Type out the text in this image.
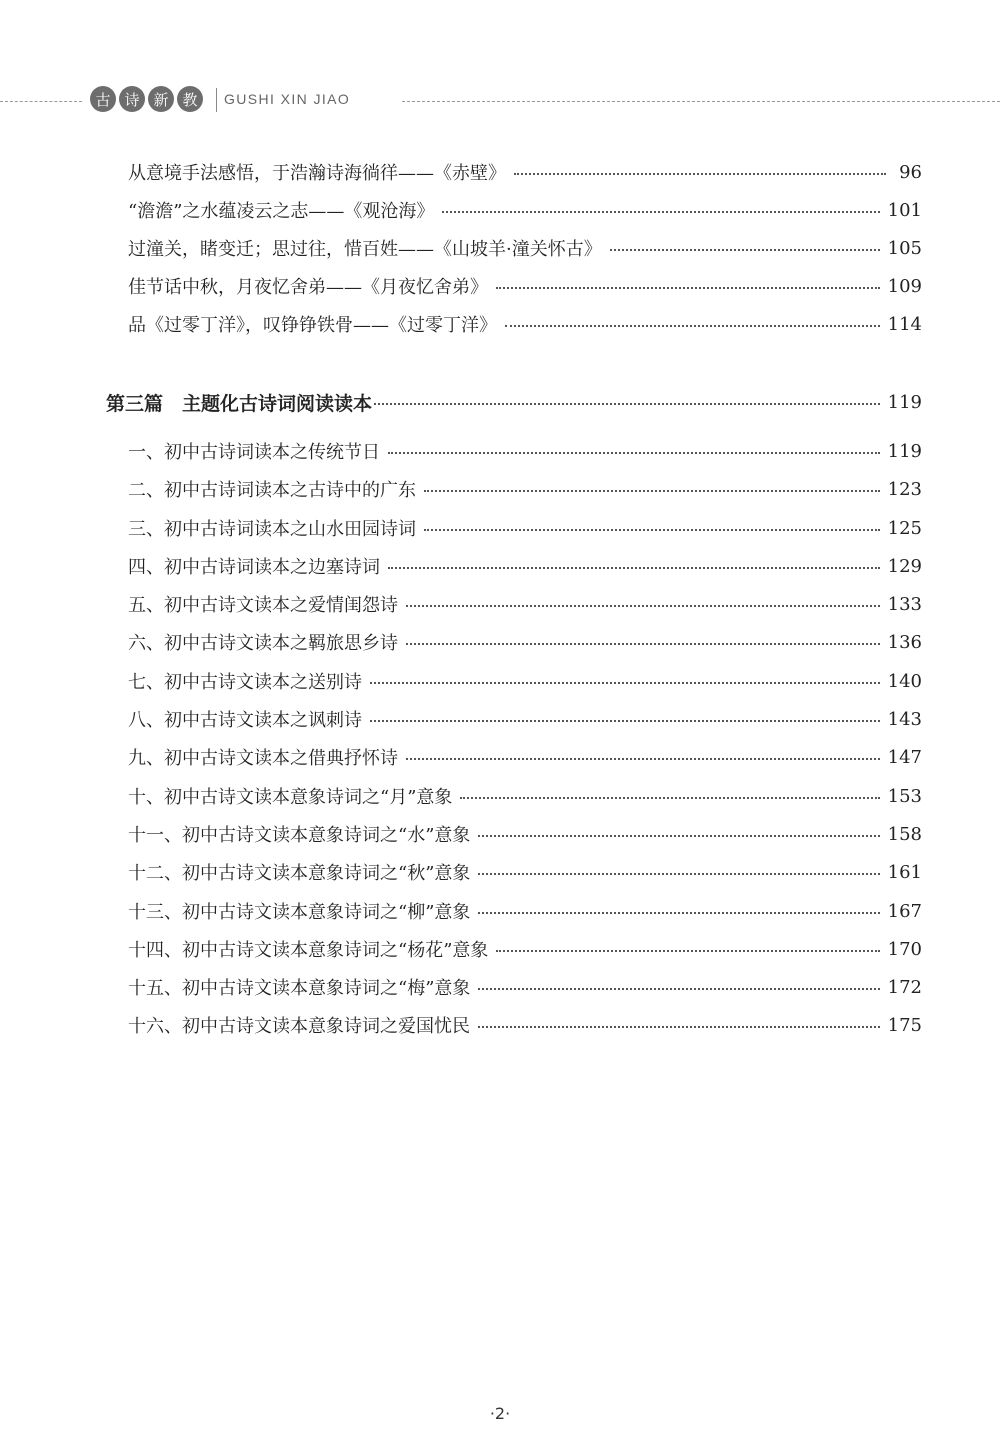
古 诗 新 教	GUSHI XIN JIAO
从意境手法感悟，于浩瀚诗海徜徉——《赤壁》	96
“澹澹”之水蕴凌云之志——《观沧海》	101
过潼关，睹变迁；思过往，惜百姓——《山坡羊·潼关怀古》	105
佳节话中秋，月夜忆舍弟——《月夜忆舍弟》	109
品《过零丁洋》，叹铮铮铁骨——《过零丁洋》	114
第三篇　主题化古诗词阅读读本	119
一、初中古诗词读本之传统节日	119
二、初中古诗词读本之古诗中的广东	123
三、初中古诗词读本之山水田园诗词	125
四、初中古诗词读本之边塞诗词	129
五、初中古诗文读本之爱情闺怨诗	133
六、初中古诗文读本之羁旅思乡诗	136
七、初中古诗文读本之送别诗	140
八、初中古诗文读本之讽刺诗	143
九、初中古诗文读本之借典抒怀诗	147
十、初中古诗文读本意象诗词之“月”意象	153
十一、初中古诗文读本意象诗词之“水”意象	158
十二、初中古诗文读本意象诗词之“秋”意象	161
十三、初中古诗文读本意象诗词之“柳”意象	167
十四、初中古诗文读本意象诗词之“杨花”意象	170
十五、初中古诗文读本意象诗词之“梅”意象	172
十六、初中古诗文读本意象诗词之爱国忧民	175
·2·
